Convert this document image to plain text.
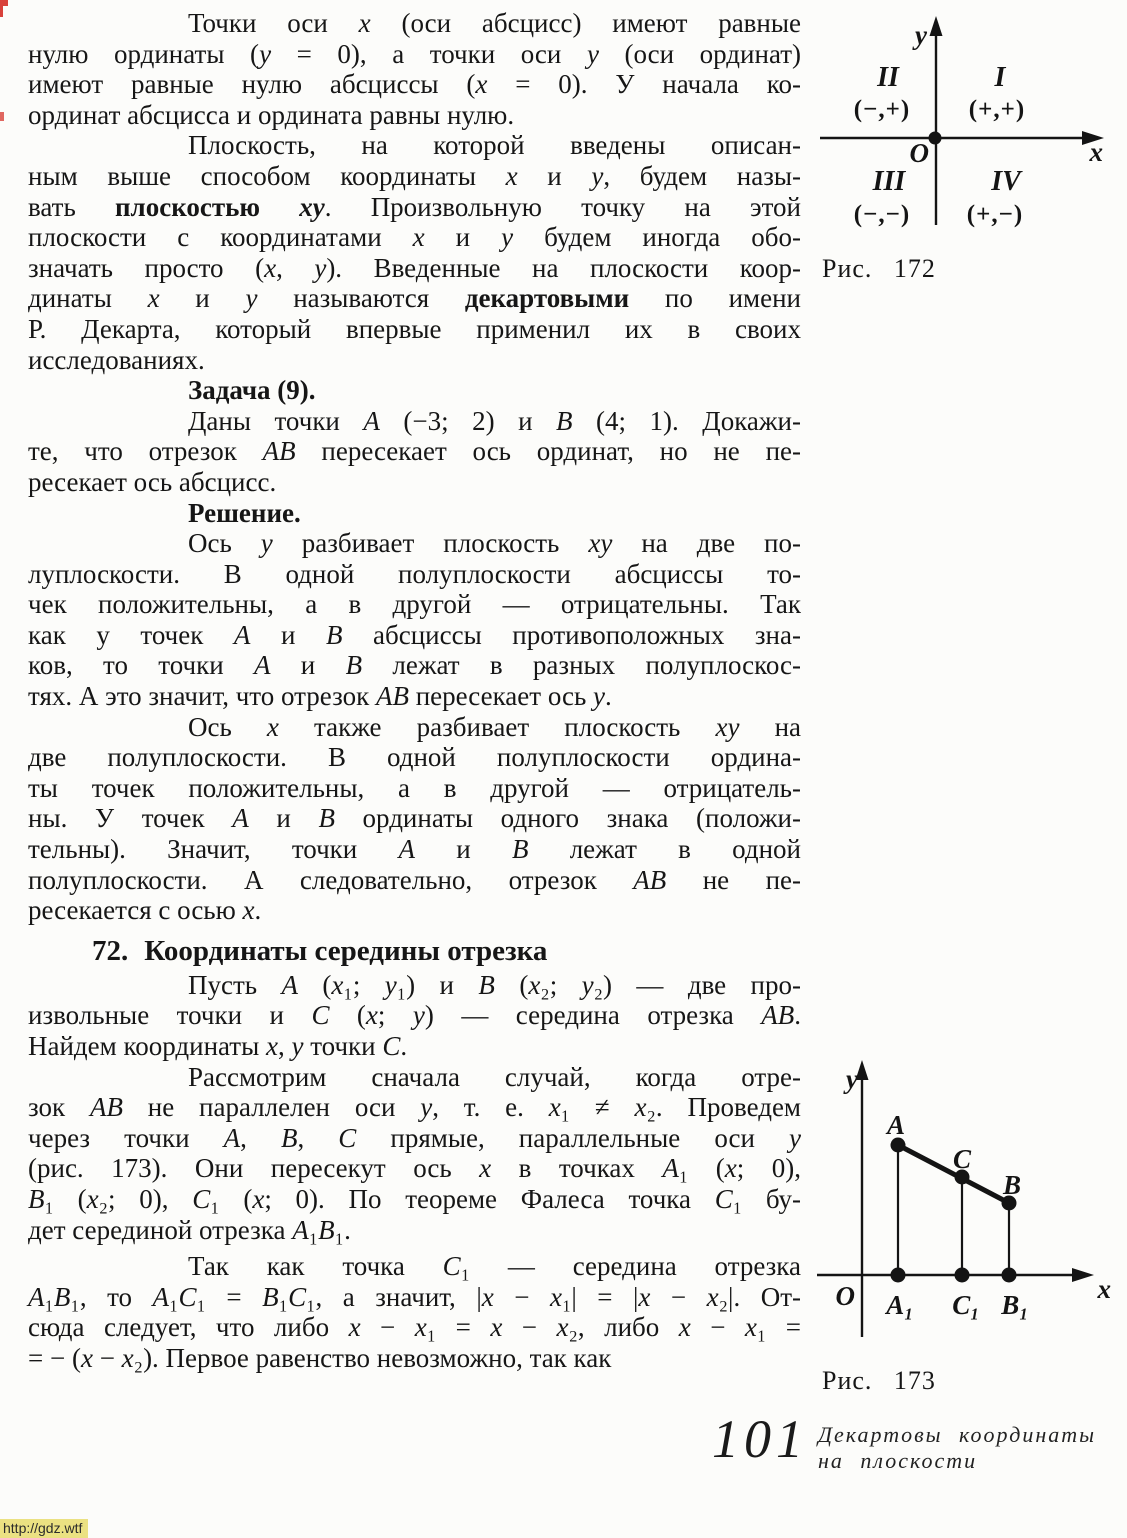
Точки оси x (оси абсцисс) имеют равные
нулю ординаты (y = 0), а точки оси y (оси ординат)
имеют равные нулю абсциссы (x = 0). У начала ко-
ординат абсцисса и ордината равны нулю.
Плоскость, на которой введены описан-
ным выше способом координаты x и y, будем назы-
вать плоскостью xy. Произвольную точку на этой
плоскости с координатами x и y будем иногда обо-
значать просто (x, y). Введенные на плоскости коор-
динаты x и y называются декартовыми по имени
Р. Декарта, который впервые применил их в своих
исследованиях.
Задача (9).
Даны точки A (−3; 2) и B (4; 1). Докажи-
те, что отрезок AB пересекает ось ординат, но не пе-
ресекает ось абсцисс.
Решение.
Ось y разбивает плоскость xy на две по-
луплоскости. В одной полуплоскости абсциссы то-
чек положительны, а в другой — отрицательны. Так
как у точек A и B абсциссы противоположных зна-
ков, то точки A и B лежат в разных полуплоскос-
тях. А это значит, что отрезок AB пересекает ось y.
Ось x также разбивает плоскость xy на
две полуплоскости. В одной полуплоскости ордина-
ты точек положительны, а в другой — отрицатель-
ны. У точек A и B ординаты одного знака (положи-
тельны). Значит, точки A и B лежат в одной
полуплоскости. А следовательно, отрезок AB не пе-
ресекается с осью x.
72. Координаты середины отрезка
Пусть A (x₁; y₁) и B (x₂; y₂) — две про-
извольные точки и C (x; y) — середина отрезка AB.
Найдем координаты x, y точки C.
Рассмотрим сначала случай, когда отре-
зок AB не параллелен оси y, т. е. x₁ ≠ x₂. Проведем
через точки A, B, C прямые, параллельные оси y
(рис. 173). Они пересекут ось x в точках A₁ (x; 0),
B₁ (x₂; 0), C₁ (x; 0). По теореме Фалеса точка C₁ бу-
дет серединой отрезка A₁B₁.
Так как точка C₁ — середина отрезка
A₁B₁, то A₁C₁ = B₁C₁, а значит, |x − x₁| = |x − x₂|. От-
сюда следует, что либо x − x₁ = x − x₂, либо x − x₁ =
= − (x − x₂). Первое равенство невозможно, так как
y
x
O
II	I
(−,+) (+,+)
III	IV
(−,−) (+,−)
Рис. 172
y
x
O
A
C
B
A₁ C₁ B₁
Рис. 173
101 Декартовы координаты
на плоскости
http://gdz.wtf
